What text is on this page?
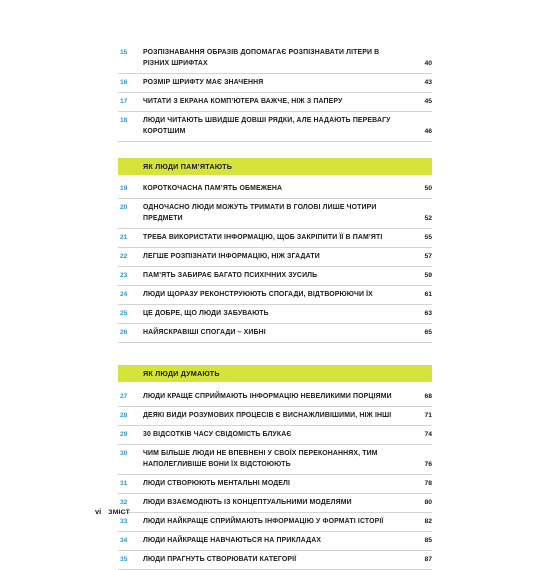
15	РОЗПІЗНАВАННЯ ОБРАЗІВ ДОПОМАГАЄ РОЗПІЗНАВАТИ ЛІТЕРИ В РІЗНИХ ШРИФТАХ	40
16	РОЗМІР ШРИФТУ МАЄ ЗНАЧЕННЯ	43
17	ЧИТАТИ З ЕКРАНА КОМП’ЮТЕРА ВАЖЧЕ, НІЖ З ПАПЕРУ	45
18	ЛЮДИ ЧИТАЮТЬ ШВИДШЕ ДОВШІ РЯДКИ, АЛЕ НАДАЮТЬ ПЕРЕВАГУ КОРОТШИМ	46
ЯК ЛЮДИ ПАМ’ЯТАЮТЬ
19	КОРОТКОЧАСНА ПАМ’ЯТЬ ОБМЕЖЕНА	50
20	ОДНОЧАСНО ЛЮДИ МОЖУТЬ ТРИМАТИ В ГОЛОВІ ЛИШЕ ЧОТИРИ ПРЕДМЕТИ	52
21	ТРЕБА ВИКОРИСТАТИ ІНФОРМАЦІЮ, ЩОБ ЗАКРІПИТИ ЇЇ В ПАМ’ЯТІ	55
22	ЛЕГШЕ РОЗПІЗНАТИ ІНФОРМАЦІЮ, НІЖ ЗГАДАТИ	57
23	ПАМ’ЯТЬ ЗАБИРАЄ БАГАТО ПСИХІЧНИХ ЗУСИЛЬ	59
24	ЛЮДИ ЩОРАЗУ РЕКОНСТРУЮЮТЬ СПОГАДИ, ВІДТВОРЮЮЧИ ЇХ	61
25	ЦЕ ДОБРЕ, ЩО ЛЮДИ ЗАБУВАЮТЬ	63
26	НАЙЯСКРАВІШІ СПОГАДИ – ХИБНІ	65
ЯК ЛЮДИ ДУМАЮТЬ
27	ЛЮДИ КРАЩЕ СПРИЙМАЮТЬ ІНФОРМАЦІЮ НЕВЕЛИКИМИ ПОРЦІЯМИ	68
28	ДЕЯКІ ВИДИ РОЗУМОВИХ ПРОЦЕСІВ Є ВИСНАЖЛИВІШИМИ, НІЖ ІНШІ	71
29	30 ВІДСОТКІВ ЧАСУ СВІДОМІСТЬ БЛУКАЄ	74
30	ЧИМ БІЛЬШЕ ЛЮДИ НЕ ВПЕВНЕНІ У СВОЇХ ПЕРЕКОНАННЯХ, ТИМ НАПОЛЕГЛИВІШЕ ВОНИ ЇХ ВІДСТОЮЮТЬ	76
31	ЛЮДИ СТВОРЮЮТЬ МЕНТАЛЬНІ МОДЕЛІ	78
32	ЛЮДИ ВЗАЄМОДІЮТЬ ІЗ КОНЦЕПТУАЛЬНИМИ МОДЕЛЯМИ	80
33	ЛЮДИ НАЙКРАЩЕ СПРИЙМАЮТЬ ІНФОРМАЦІЮ У ФОРМАТІ ІСТОРІЇ	82
34	ЛЮДИ НАЙКРАЩЕ НАВЧАЮТЬСЯ НА ПРИКЛАДАХ	85
35	ЛЮДИ ПРАГНУТЬ СТВОРЮВАТИ КАТЕГОРІЇ	87
vi ЗМІСТ
